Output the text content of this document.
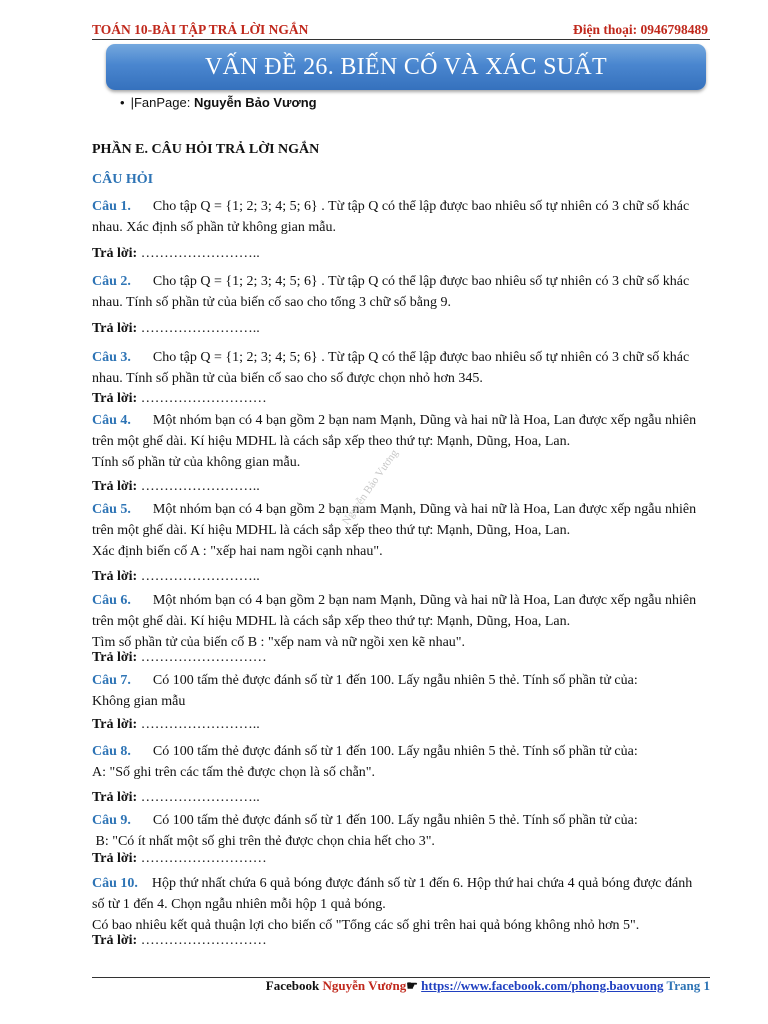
TOÁN 10-BÀI TẬP TRẢ LỜI NGẮN	Điện thoại: 0946798489
VẤN ĐỀ 26. BIẾN CỐ VÀ XÁC SUẤT
• |FanPage: Nguyễn Bảo Vương
PHẦN E. CÂU HỎI TRẢ LỜI NGẮN
CÂU HỎI

Câu 1. Cho tập Q = {1; 2; 3; 4; 5; 6} . Từ tập Q có thể lập được bao nhiêu số tự nhiên có 3 chữ số khác

nhau. Xác định số phần tử không gian mẫu.

Trả lời: ……………………..

Câu 2. Cho tập Q = {1; 2; 3; 4; 5; 6} . Từ tập Q có thể lập được bao nhiêu số tự nhiên có 3 chữ số khác

nhau. Tính số phần tử của biến cố sao cho tổng 3 chữ số bằng 9.

Trả lời: ……………………..

Câu 3. Cho tập Q = {1; 2; 3; 4; 5; 6} . Từ tập Q có thể lập được bao nhiêu số tự nhiên có 3 chữ số khác

nhau. Tính số phần tử của biến cố sao cho số được chọn nhỏ hơn 345.

Trả lời: ………………………

Câu 4. Một nhóm bạn có 4 bạn gồm 2 bạn nam Mạnh, Dũng và hai nữ là Hoa, Lan được xếp ngẫu nhiên

trên một ghế dài. Kí hiệu MDHL là cách sắp xếp theo thứ tự: Mạnh, Dũng, Hoa, Lan.

Tính số phần tử của không gian mẫu.

Trả lời: ……………………..

Câu 5. Một nhóm bạn có 4 bạn gồm 2 bạn nam Mạnh, Dũng và hai nữ là Hoa, Lan được xếp ngẫu nhiên

trên một ghế dài. Kí hiệu MDHL là cách sắp xếp theo thứ tự: Mạnh, Dũng, Hoa, Lan.

Xác định biến cố A : "xếp hai nam ngồi cạnh nhau".

Trả lời: ……………………..

Câu 6. Một nhóm bạn có 4 bạn gồm 2 bạn nam Mạnh, Dũng và hai nữ là Hoa, Lan được xếp ngẫu nhiên

trên một ghế dài. Kí hiệu MDHL là cách sắp xếp theo thứ tự: Mạnh, Dũng, Hoa, Lan.

Tìm số phần tử của biến cố B : "xếp nam và nữ ngồi xen kẽ nhau".

Trả lời: ………………………

Câu 7. Có 100 tấm thẻ được đánh số từ 1 đến 100. Lấy ngẫu nhiên 5 thẻ. Tính số phần tử của:

Không gian mẫu

Trả lời: ……………………..

Câu 8. Có 100 tấm thẻ được đánh số từ 1 đến 100. Lấy ngẫu nhiên 5 thẻ. Tính số phần tử của:

A: "Số ghi trên các tấm thẻ được chọn là số chẵn".

Trả lời: ……………………..

Câu 9. Có 100 tấm thẻ được đánh số từ 1 đến 100. Lấy ngẫu nhiên 5 thẻ. Tính số phần tử của:

B: "Có ít nhất một số ghi trên thẻ được chọn chia hết cho 3".

Trả lời: ………………………

Câu 10. Hộp thứ nhất chứa 6 quả bóng được đánh số từ 1 đến 6. Hộp thứ hai chứa 4 quả bóng được đánh

số từ 1 đến 4. Chọn ngẫu nhiên mỗi hộp 1 quả bóng.

Có bao nhiêu kết quả thuận lợi cho biến cố "Tổng các số ghi trên hai quả bóng không nhỏ hơn 5".

Trả lời: ………………………
Nguyễn Bảo Vương
Facebook Nguyễn Vương☛ https://www.facebook.com/phong.baovuong Trang 1
